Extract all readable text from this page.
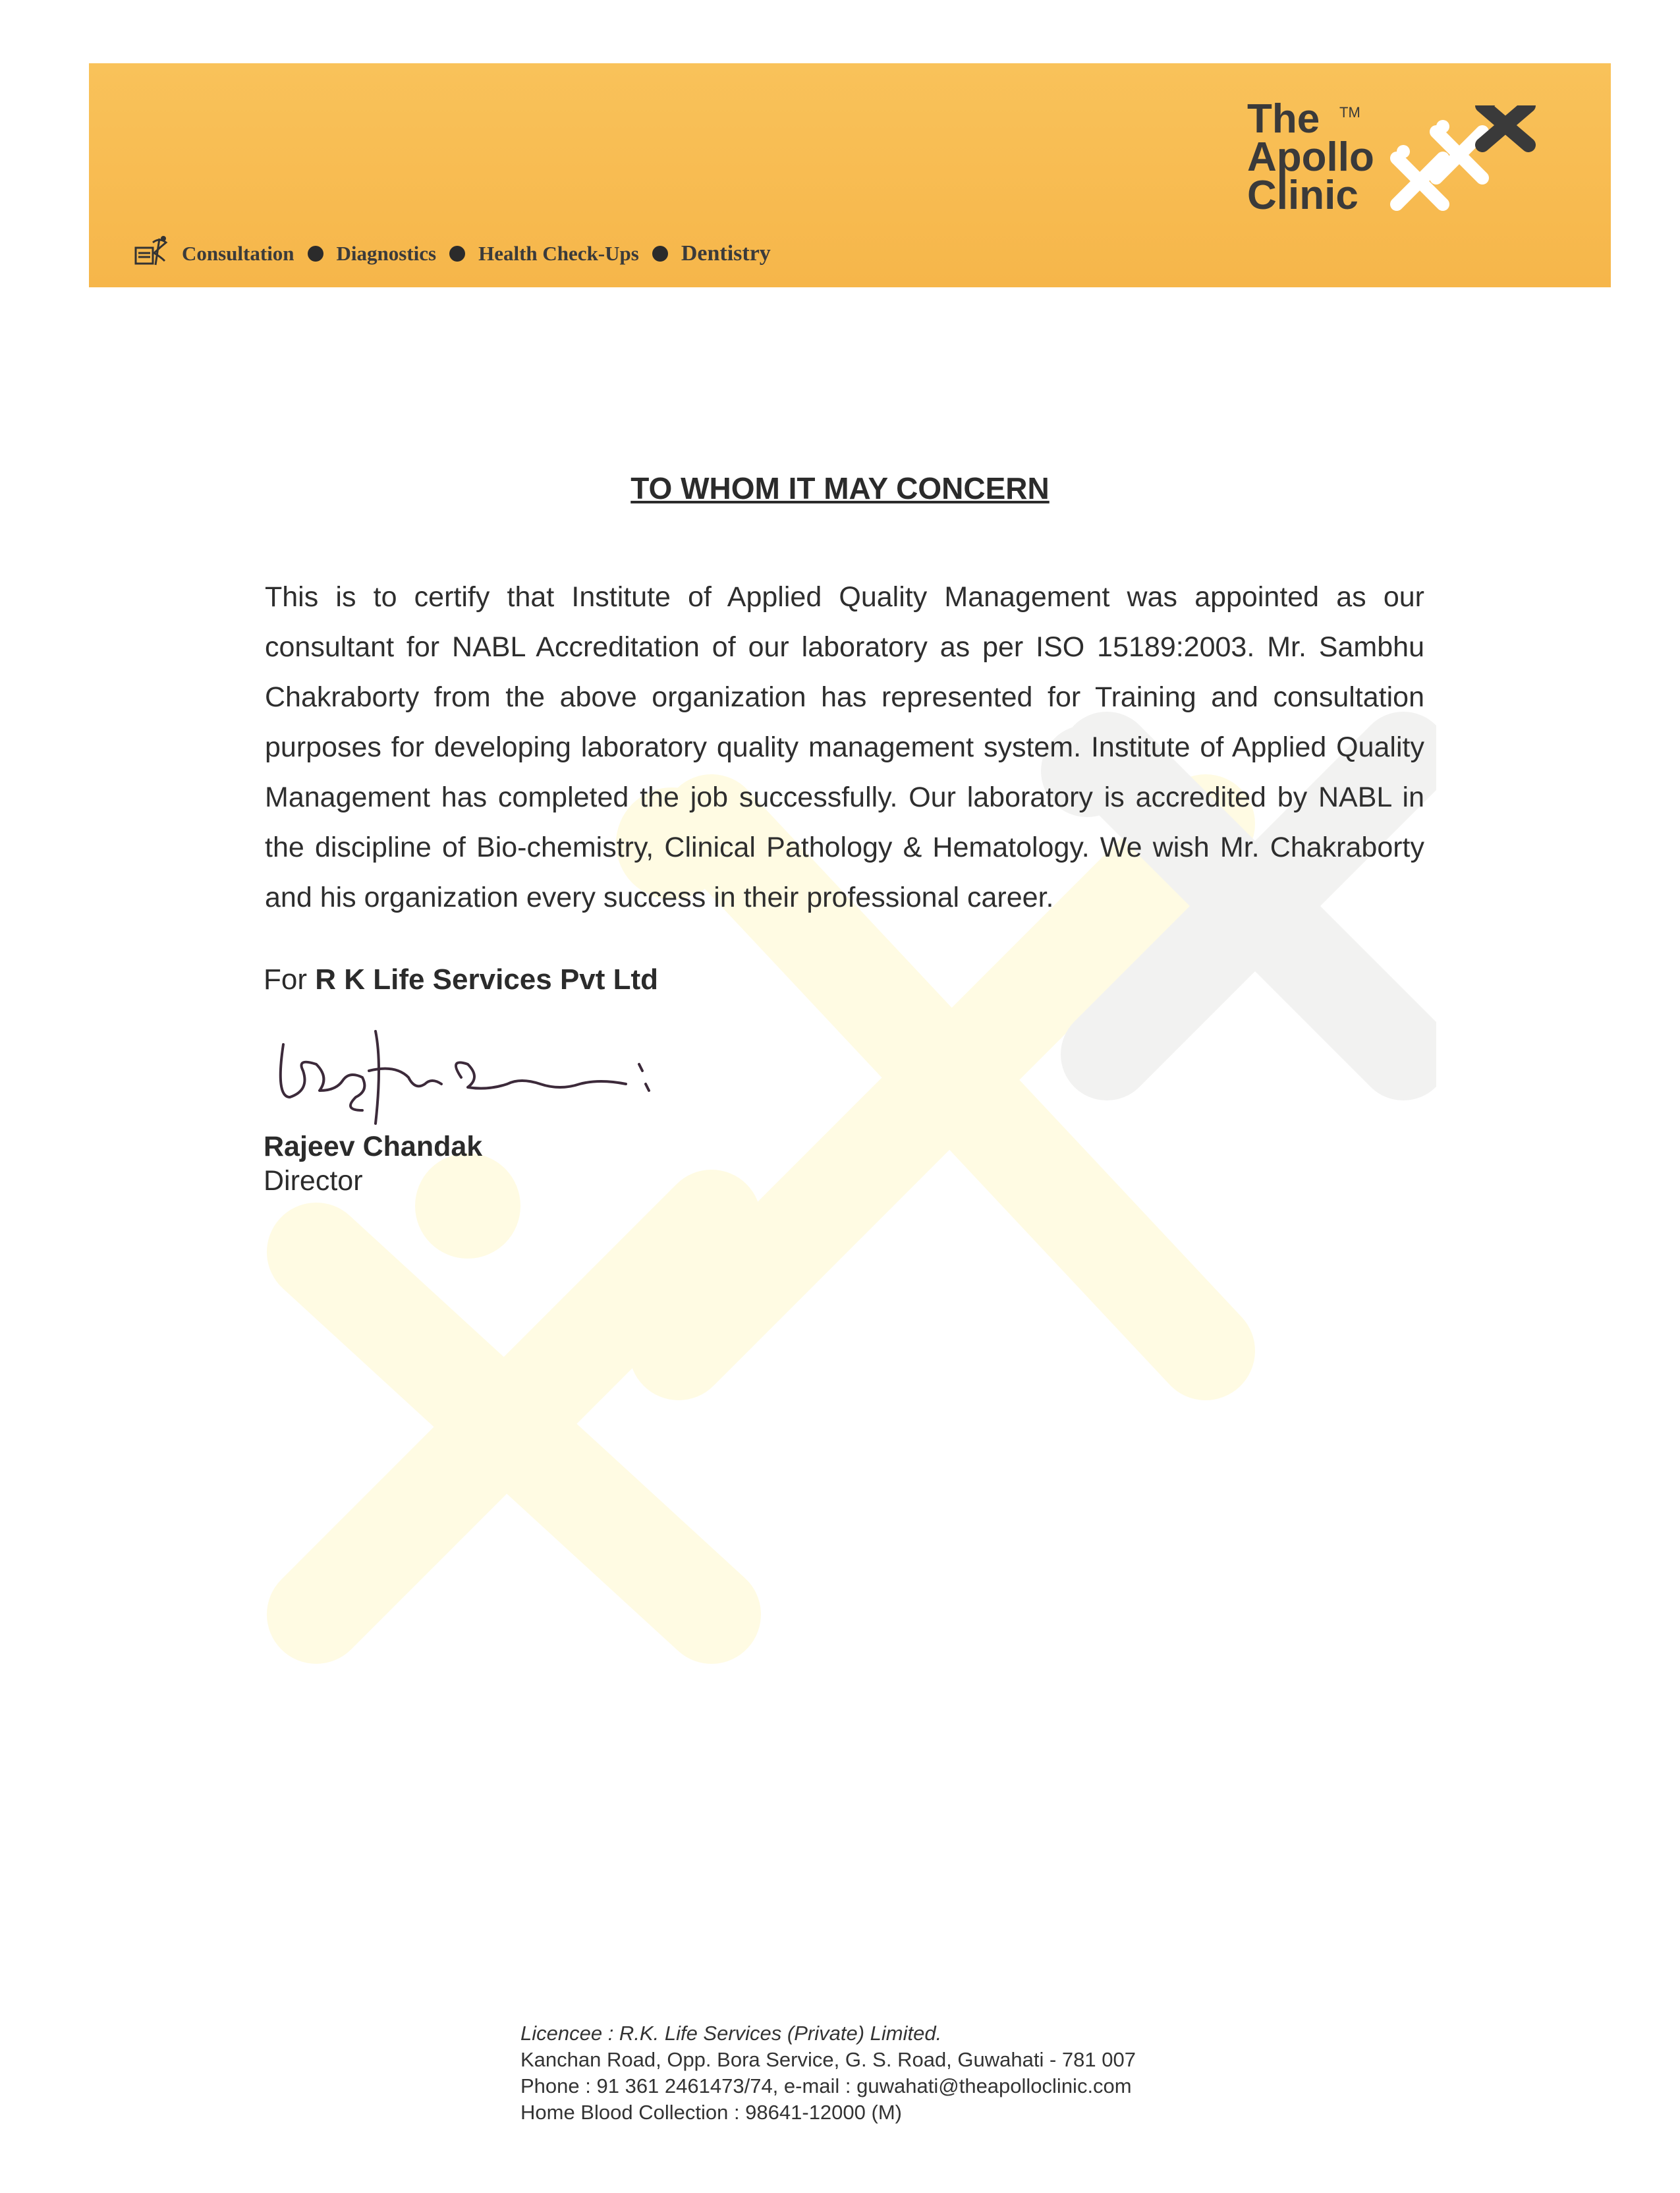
Consultation Diagnostics Health Check-Ups Dentistry
The	TM
Apollo
Clinic
TO WHOM IT MAY CONCERN
This is to certify that Institute of Applied Quality Management was appointed as our consultant for NABL Accreditation of our laboratory as per ISO 15189:2003. Mr. Sambhu Chakraborty from the above organization has represented for Training and consultation purposes for developing laboratory quality management system. Institute of Applied Quality Management has completed the job successfully. Our laboratory is accredited by NABL in the discipline of Bio-chemistry, Clinical Pathology & Hematology. We wish Mr. Chakraborty and his organization every success in their professional career.
For R K Life Services Pvt Ltd
Rajeev Chandak
Director
Licencee : R.K. Life Services (Private) Limited.
Kanchan Road, Opp. Bora Service, G. S. Road, Guwahati - 781 007
Phone : 91 361 2461473/74, e-mail : guwahati@theapolloclinic.com
Home Blood Collection : 98641-12000 (M)
